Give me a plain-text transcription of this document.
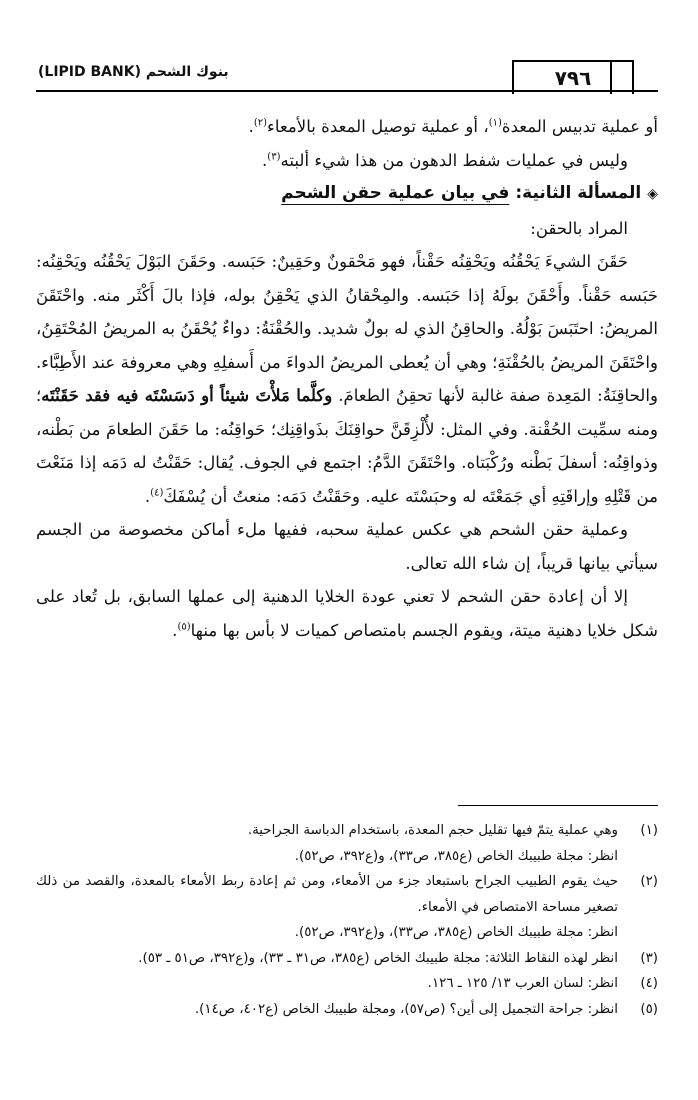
٧٩٦
بنوك الشحم (LIPID BANK)

أو عملية تدبيس المعدة$^{(١)}$، أو عملية توصيل المعدة بالأمعاء$^{(٢)}$.

وليس في عمليات شفط الدهون من هذا شيء ألبته$^{(٣)}$.

◈المسألة الثانية: في بيان عملية حقن الشحم

المراد بالحقن:

حَقَنَ الشيءَ يَحْقُنُه ويَحْقِنُه حَقْناً، فهو مَحْقونٌ وحَقِينٌ: حَبَسه. وحَقَنَ البَوْلَ يَحْقُنُه ويَحْقِنُه: حَبَسه حَقْناً. وأَحْقَنَ بولَهُ إذا حَبَسه. والمِحْقانُ الذي يَحْقِنُ بوله، فإذا بالَ أَكْثَر منه. واحْتَقَنَ المريضُ: احتَبَسَ بَوْلُهُ. والحاقِنُ الذي له بولٌ شديد. والحُقْنَةُ: دواءٌ يُحْقَنُ به المريضُ المُحْتَقِنُ، واحْتَقَنَ المريضُ بالحُقْنَةِ؛ وهي أن يُعطى المريضُ الدواءَ من أَسفلِهِ وهي معروفة عند الأَطِبَّاء. والحاقِنَةُ: المَعِدة صفة غالبة لأنها تحقِنُ الطعامَ. وكلَّما مَلأْتَ شيئاً أو دَسَسْتَه فيه فقد حَقَنْتَه؛ ومنه سمِّيت الحُقْنة. وفي المثل: لأُلْزِقَنَّ حواقِنَكَ بذَواقِنِك؛ حَواقِنُه: ما حَقَنَ الطعامَ من بَطْنه، وذواقِنُه: أسفلَ بَطْنه ورُكْبَتاه. واحْتَقَنَ الدَّمُ: اجتمع في الجوف. يُقال: حَقَنْتُ له دَمَه إذا مَنَعْتَ من قَتْلِهِ وإراقَتِهِ أي جَمَعْتَه له وحبَسْتَه عليه. وحَقَنْتُ دَمَه: منعتُ أن يُسْفَكَ$^{(٤)}$.

وعملية حقن الشحم هي عكس عملية سحبه، ففيها ملء أماكن مخصوصة من الجسم سيأتي بيانها قريباً، إن شاء الله تعالى.

إلا أن إعادة حقن الشحم لا تعني عودة الخلايا الدهنية إلى عملها السابق، بل تُعاد على شكل خلايا دهنية ميتة، ويقوم الجسم بامتصاص كميات لا بأس بها منها$^{(٥)}$.

(١)
وهي عملية يتمّ فيها تقليل حجم المعدة، باستخدام الدباسة الجراحية.
انظر: مجلة طبيبك الخاص (ع٣٨٥، ص٣٣)، و(ع٣٩٢، ص٥٢).
(٢)
حيث يقوم الطبيب الجراح باستبعاد جزء من الأمعاء، ومن ثم إعادة ربط الأمعاء بالمعدة، والقصد من ذلك تصغير مساحة الامتصاص في الأمعاء.
انظر: مجلة طبيبك الخاص (ع٣٨٥، ص٣٣)، و(ع٣٩٢، ص٥٢).
(٣)
انظر لهذه النقاط الثلاثة: مجلة طبيبك الخاص (ع٣٨٥، ص٣١ ـ ٣٣)، و(ع٣٩٢، ص٥١ ـ ٥٣).
(٤)
انظر: لسان العرب ١٣/ ١٢٥ ـ ١٢٦.
(٥)
انظر: جراحة التجميل إلى أين؟ (ص٥٧)، ومجلة طبيبك الخاص (ع٤٠٢، ص١٤).
